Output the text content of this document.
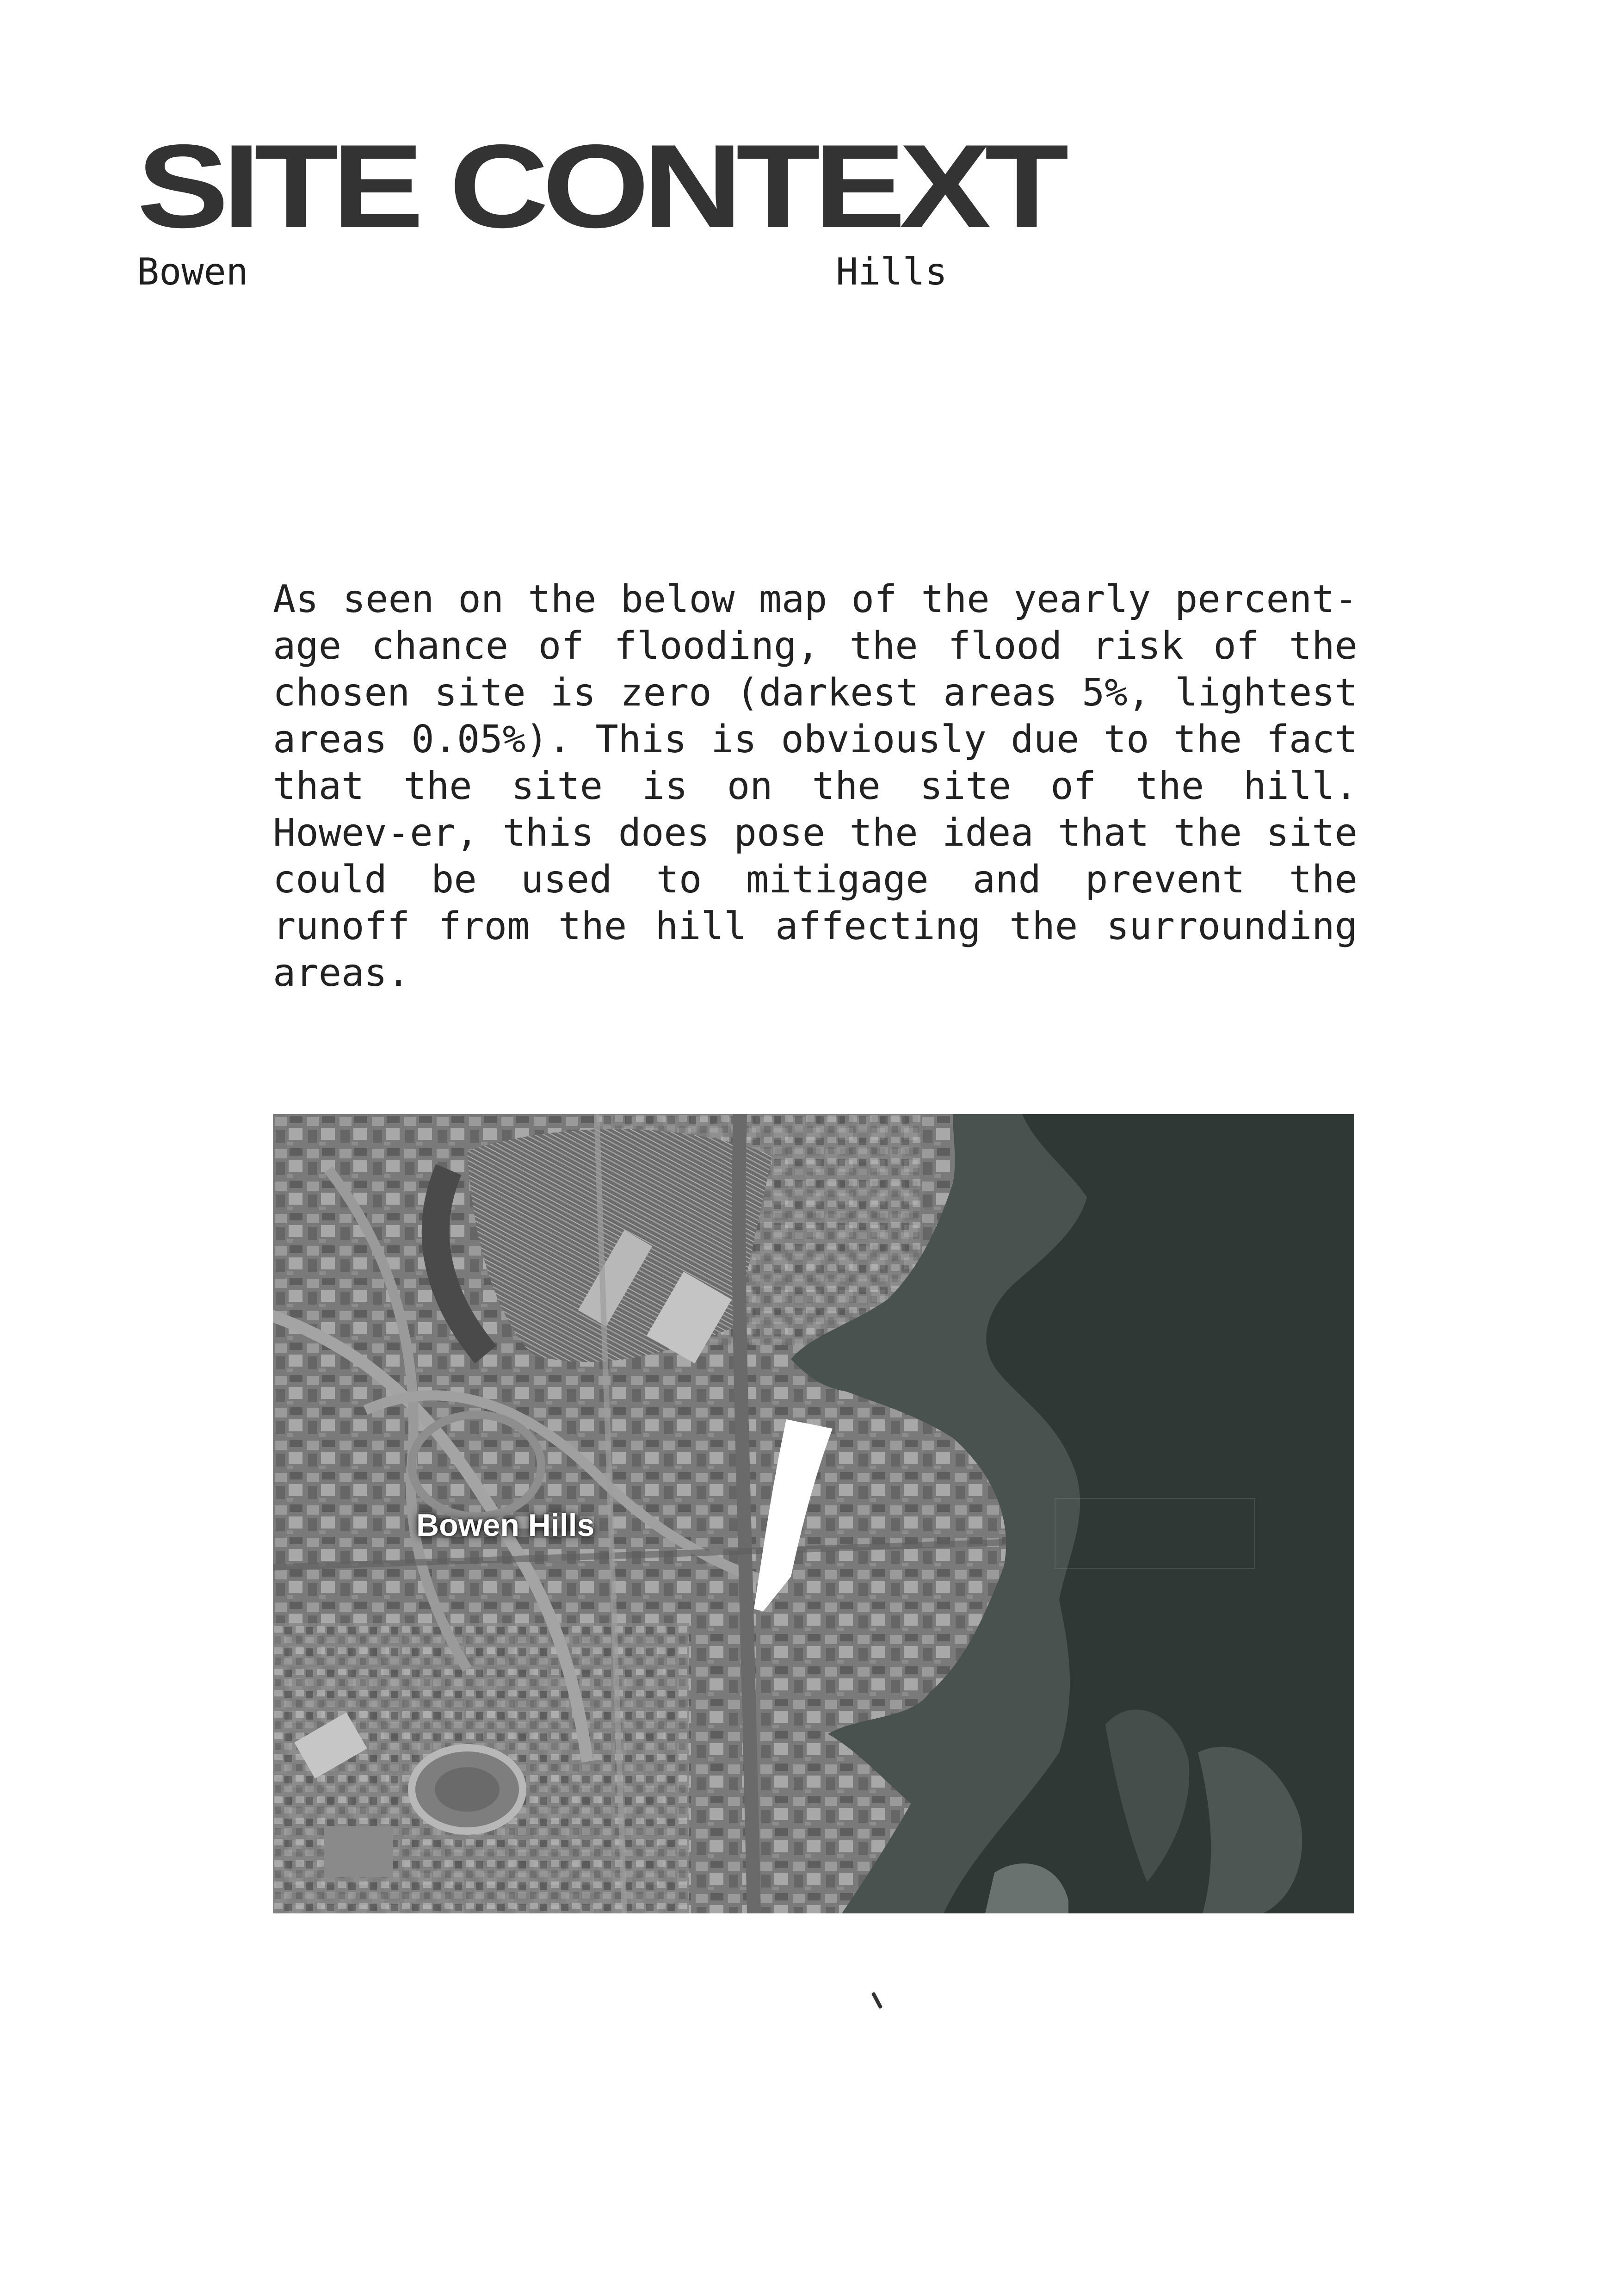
SITE CONTEXT
Bowen	Hills

As seen on the below map of the yearly percent-age chance of flooding, the flood risk of the chosen site is zero (darkest areas 5%, lightest areas 0.05%). This is obviously due to the fact that the site is on the site of the hill. Howev-er, this does pose the idea that the site could be used to mitigage and prevent the runoff from the hill affecting the surrounding areas.

Bowen Hills
